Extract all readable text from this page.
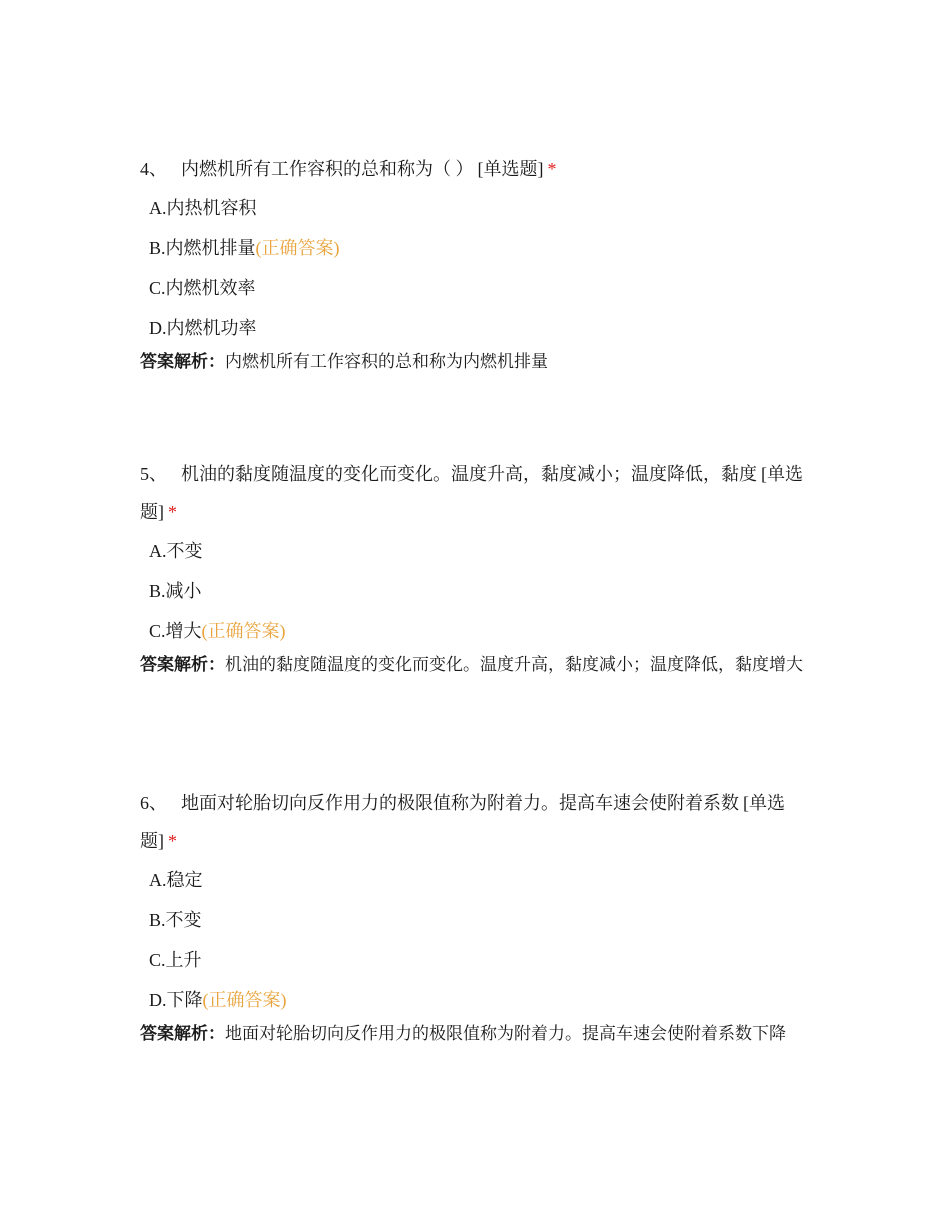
4、 内燃机所有工作容积的总和称为（ ） [单选题] *

A.内热机容积
B.内燃机排量(正确答案)
C.内燃机效率
D.内燃机功率
答案解析：内燃机所有工作容积的总和称为内燃机排量

5、 机油的黏度随温度的变化而变化。温度升高，黏度减小；温度降低，黏度 [单选题] *

A.不变
B.减小
C.增大(正确答案)
答案解析：机油的黏度随温度的变化而变化。温度升高，黏度减小；温度降低，黏度增大

6、 地面对轮胎切向反作用力的极限值称为附着力。提高车速会使附着系数 [单选题] *

A.稳定
B.不变
C.上升
D.下降(正确答案)
答案解析：地面对轮胎切向反作用力的极限值称为附着力。提高车速会使附着系数下降
